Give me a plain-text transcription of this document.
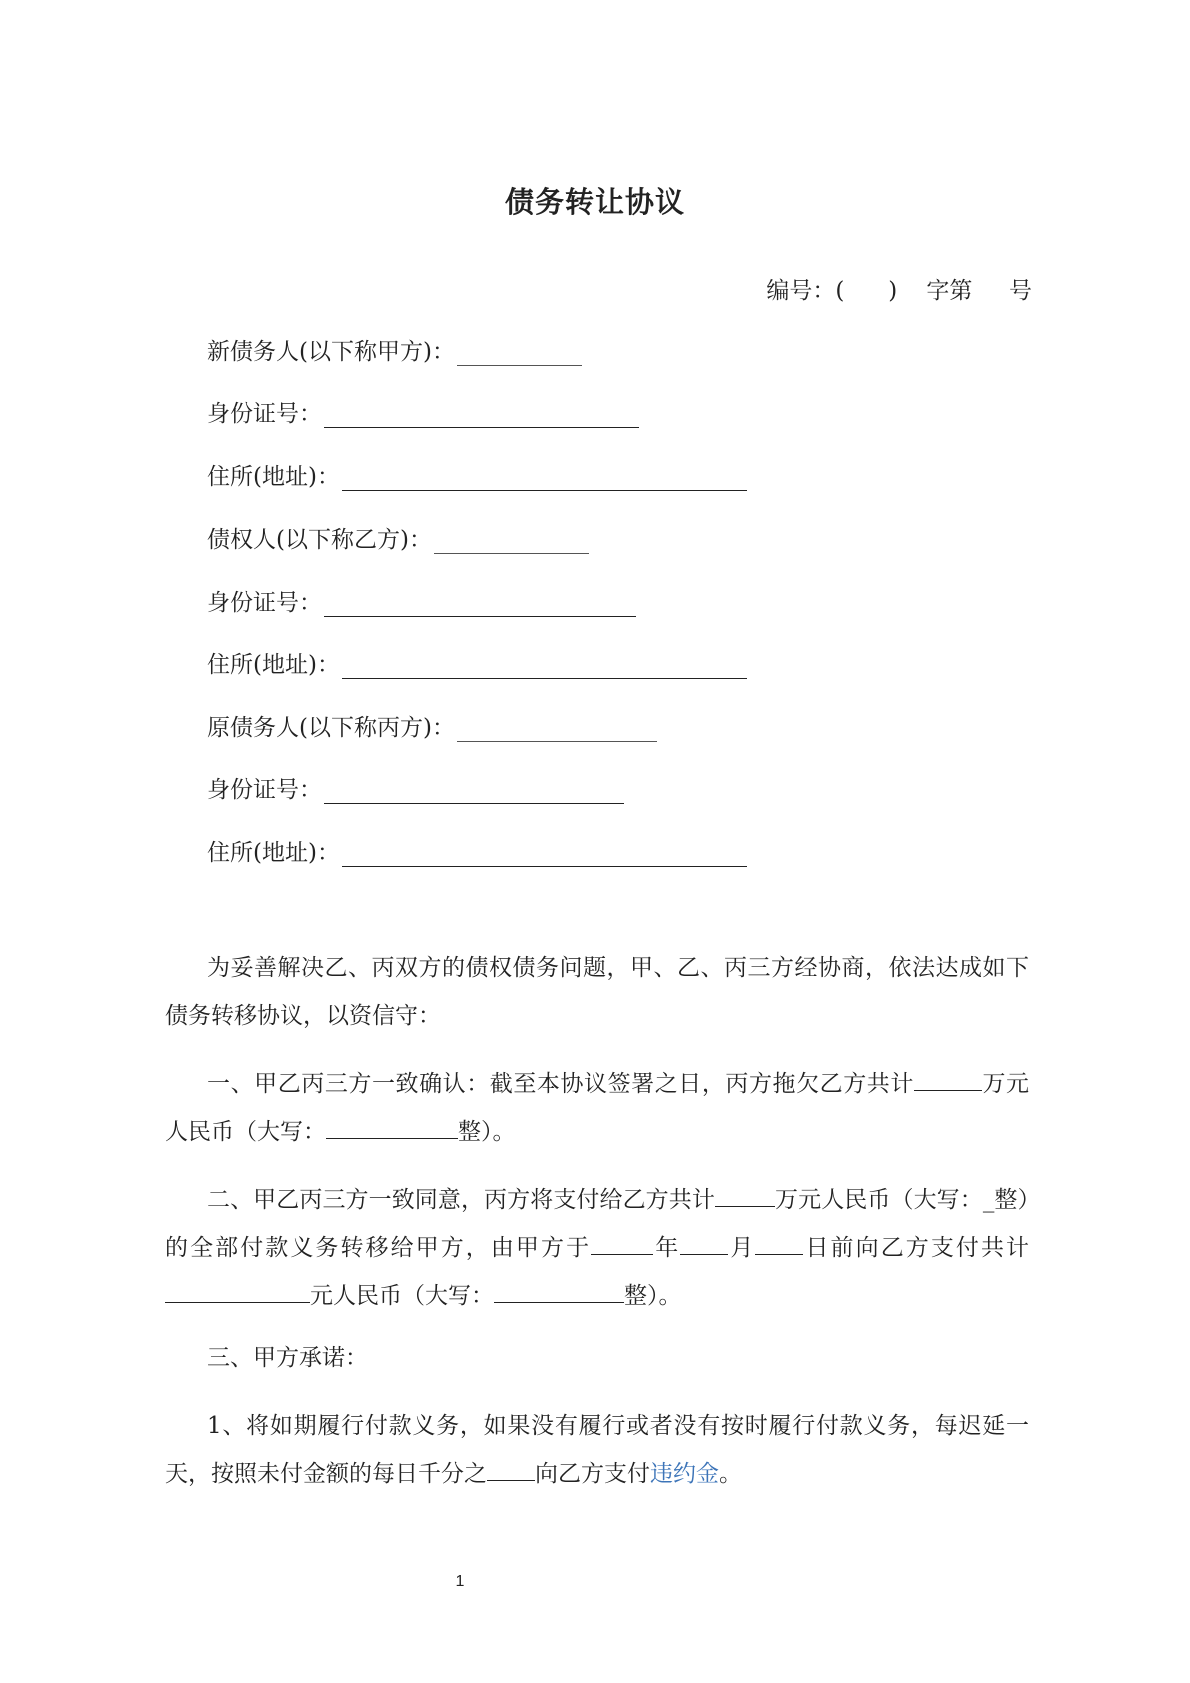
债务转让协议
编号：(      )    字第     号
新债务人(以下称甲方)：
身份证号：
住所(地址)：
债权人(以下称乙方)：
身份证号：
住所(地址)：
原债务人(以下称丙方)：
身份证号：
住所(地址)：
为妥善解决乙、丙双方的债权债务问题，甲、乙、丙三方经协商，依法达成如下债务转移协议，以资信守：
一、甲乙丙三方一致确认：截至本协议签署之日，丙方拖欠乙方共计	万元人民币（大写：	整）。
二、甲乙丙三方一致同意，丙方将支付给乙方共计	万元人民币（大写：_整）的全部付款义务转移给甲方，由甲方于	年 月 日前向乙方支付共计元人民币（大写：	整）。
三、甲方承诺：
1、将如期履行付款义务，如果没有履行或者没有按时履行付款义务，每迟延一天，按照未付金额的每日千分之 向乙方支付违约金。
1
